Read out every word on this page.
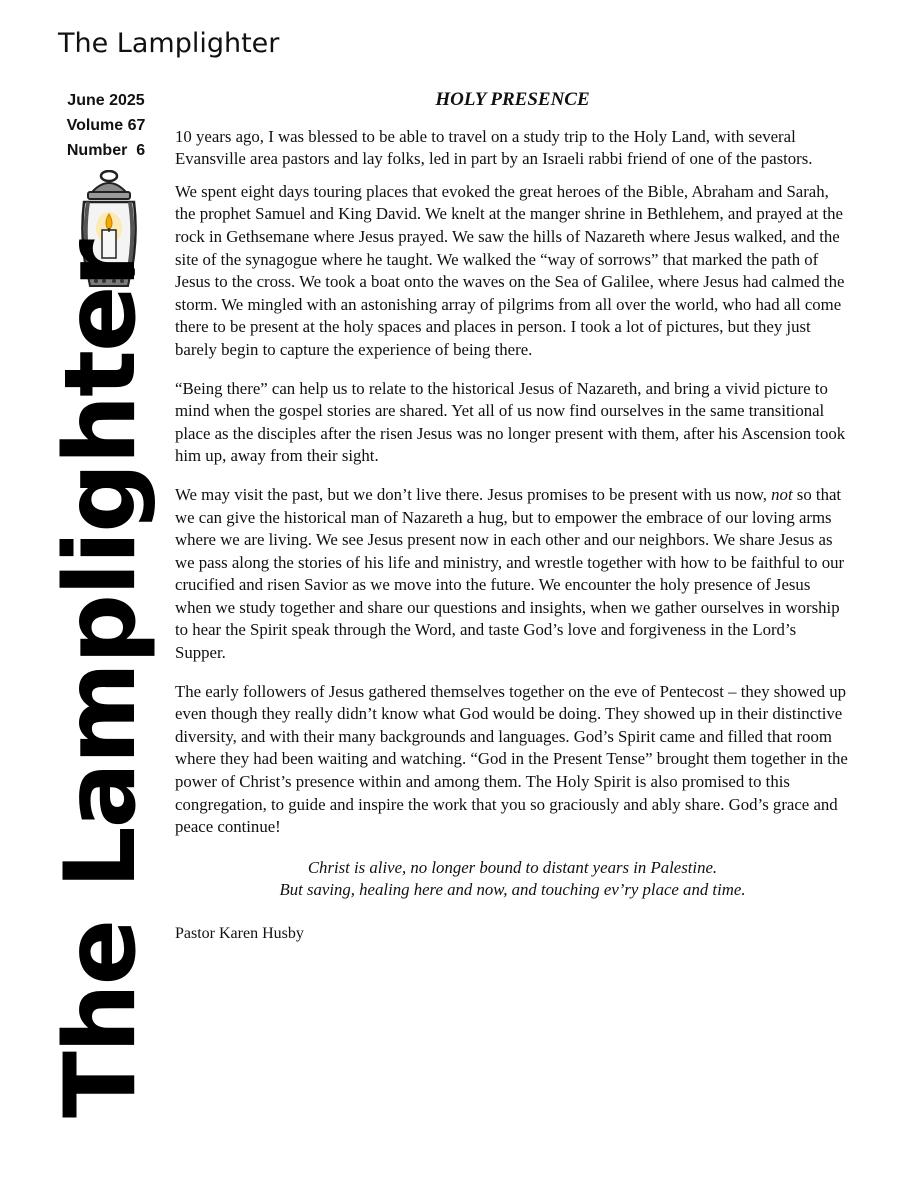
The Lamplighter
June 2025
Volume 67
Number  6
The Lamplighter
HOLY PRESENCE

10 years ago, I was blessed to be able to travel on a study trip to the Holy Land, with several Evansville area pastors and lay folks, led in part by an Israeli rabbi friend of one of the pastors.

We spent eight days touring places that evoked the great heroes of the Bible, Abraham and Sarah, the prophet Samuel and King David. We knelt at the manger shrine in Bethlehem, and prayed at the rock in Gethsemane where Jesus prayed. We saw the hills of Nazareth where Jesus walked, and the site of the synagogue where he taught. We walked the “way of sorrows” that marked the path of Jesus to the cross. We took a boat onto the waves on the Sea of Galilee, where Jesus had calmed the storm. We mingled with an astonishing array of pilgrims from all over the world, who had all come there to be present at the holy spaces and places in person. I took a lot of pictures, but they just barely begin to capture the experience of being there.

“Being there” can help us to relate to the historical Jesus of Nazareth, and bring a vivid picture to mind when the gospel stories are shared. Yet all of us now find ourselves in the same transitional place as the disciples after the risen Jesus was no longer present with them, after his Ascension took him up, away from their sight.

We may visit the past, but we don’t live there. Jesus promises to be present with us now, not so that we can give the historical man of Nazareth a hug, but to empower the embrace of our loving arms where we are living. We see Jesus present now in each other and our neighbors. We share Jesus as we pass along the stories of his life and ministry, and wrestle together with how to be faithful to our crucified and risen Savior as we move into the future. We encounter the holy presence of Jesus when we study together and share our questions and insights, when we gather ourselves in worship to hear the Spirit speak through the Word, and taste God’s love and forgiveness in the Lord’s Supper.

The early followers of Jesus gathered themselves together on the eve of Pentecost – they showed up even though they really didn’t know what God would be doing. They showed up in their distinctive diversity, and with their many backgrounds and languages. God’s Spirit came and filled that room where they had been waiting and watching. “God in the Present Tense” brought them together in the power of Christ’s presence within and among them. The Holy Spirit is also promised to this congregation, to guide and inspire the work that you so graciously and ably share. God’s grace and peace continue!

Christ is alive, no longer bound to distant years in Palestine.
But saving, healing here and now, and touching ev’ry place and time.
Pastor Karen Husby
